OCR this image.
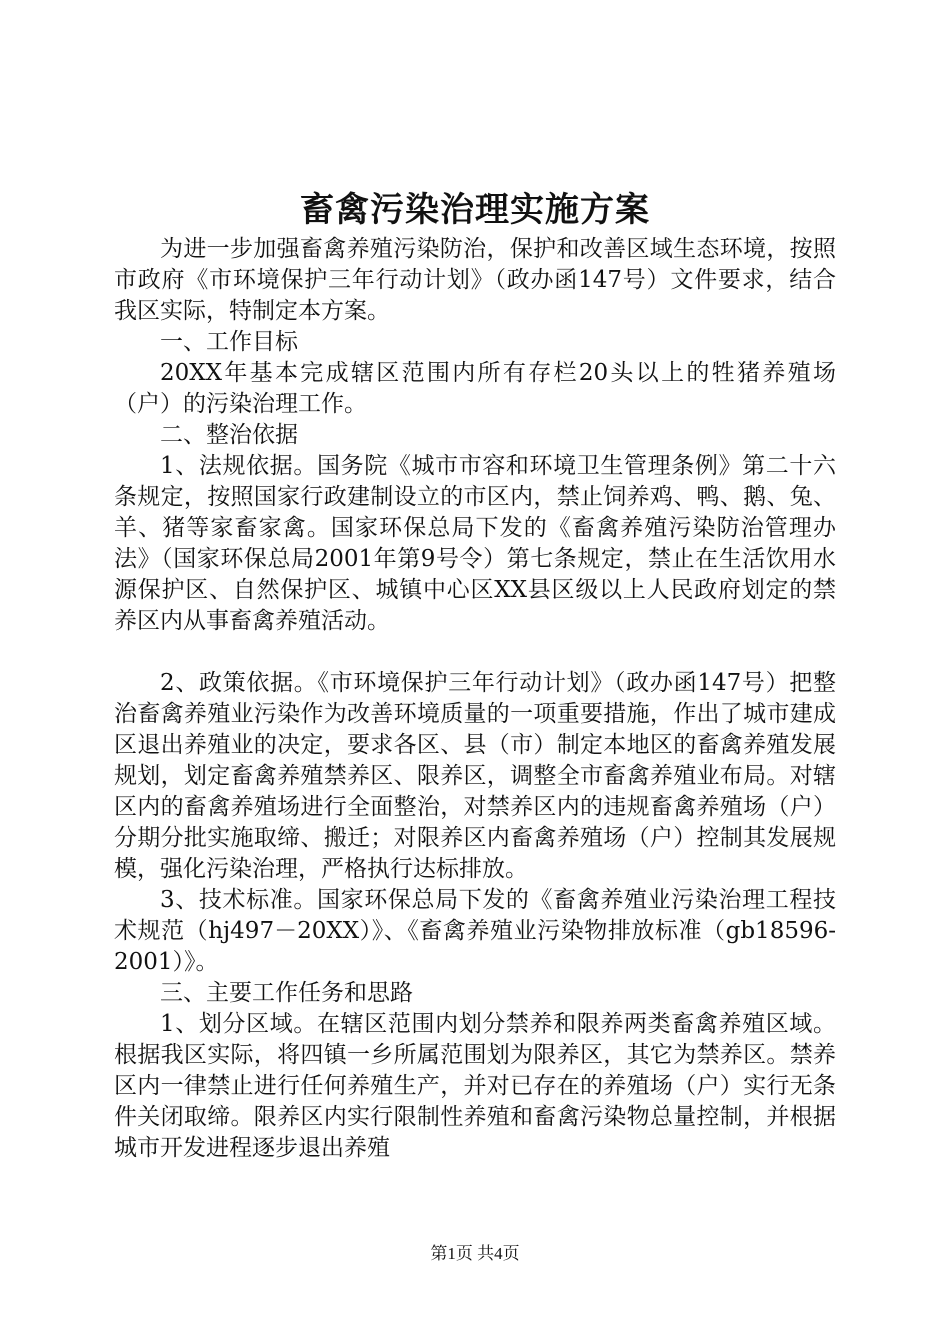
畜禽污染治理实施方案

为进一步加强畜禽养殖污染防治，保护和改善区域生态环境，按照市政府《市环境保护三年行动计划》（政办函147号）文件要求，结合我区实际，特制定本方案。

一、工作目标

20XX年基本完成辖区范围内所有存栏20头以上的牲猪养殖场（户）的污染治理工作。

二、整治依据

1、法规依据。国务院《城市市容和环境卫生管理条例》第二十六条规定，按照国家行政建制设立的市区内，禁止饲养鸡、鸭、鹅、兔、羊、猪等家畜家禽。国家环保总局下发的《畜禽养殖污染防治管理办法》（国家环保总局2001年第9号令）第七条规定，禁止在生活饮用水源保护区、自然保护区、城镇中心区XX县区级以上人民政府划定的禁养区内从事畜禽养殖活动。

2、政策依据。《市环境保护三年行动计划》（政办函147号）把整治畜禽养殖业污染作为改善环境质量的一项重要措施，作出了城市建成区退出养殖业的决定，要求各区、县（市）制定本地区的畜禽养殖发展规划，划定畜禽养殖禁养区、限养区，调整全市畜禽养殖业布局。对辖区内的畜禽养殖场进行全面整治，对禁养区内的违规畜禽养殖场（户）分期分批实施取缔、搬迁；对限养区内畜禽养殖场（户）控制其发展规模，强化污染治理，严格执行达标排放。

3、技术标准。国家环保总局下发的《畜禽养殖业污染治理工程技术规范（hj497－20XX）》、《畜禽养殖业污染物排放标准（gb18596-2001）》。

三、主要工作任务和思路

1、划分区域。在辖区范围内划分禁养和限养两类畜禽养殖区域。根据我区实际，将四镇一乡所属范围划为限养区，其它为禁养区。禁养区内一律禁止进行任何养殖生产，并对已存在的养殖场（户）实行无条件关闭取缔。限养区内实行限制性养殖和畜禽污染物总量控制，并根据城市开发进程逐步退出养殖

第1页 共4页
